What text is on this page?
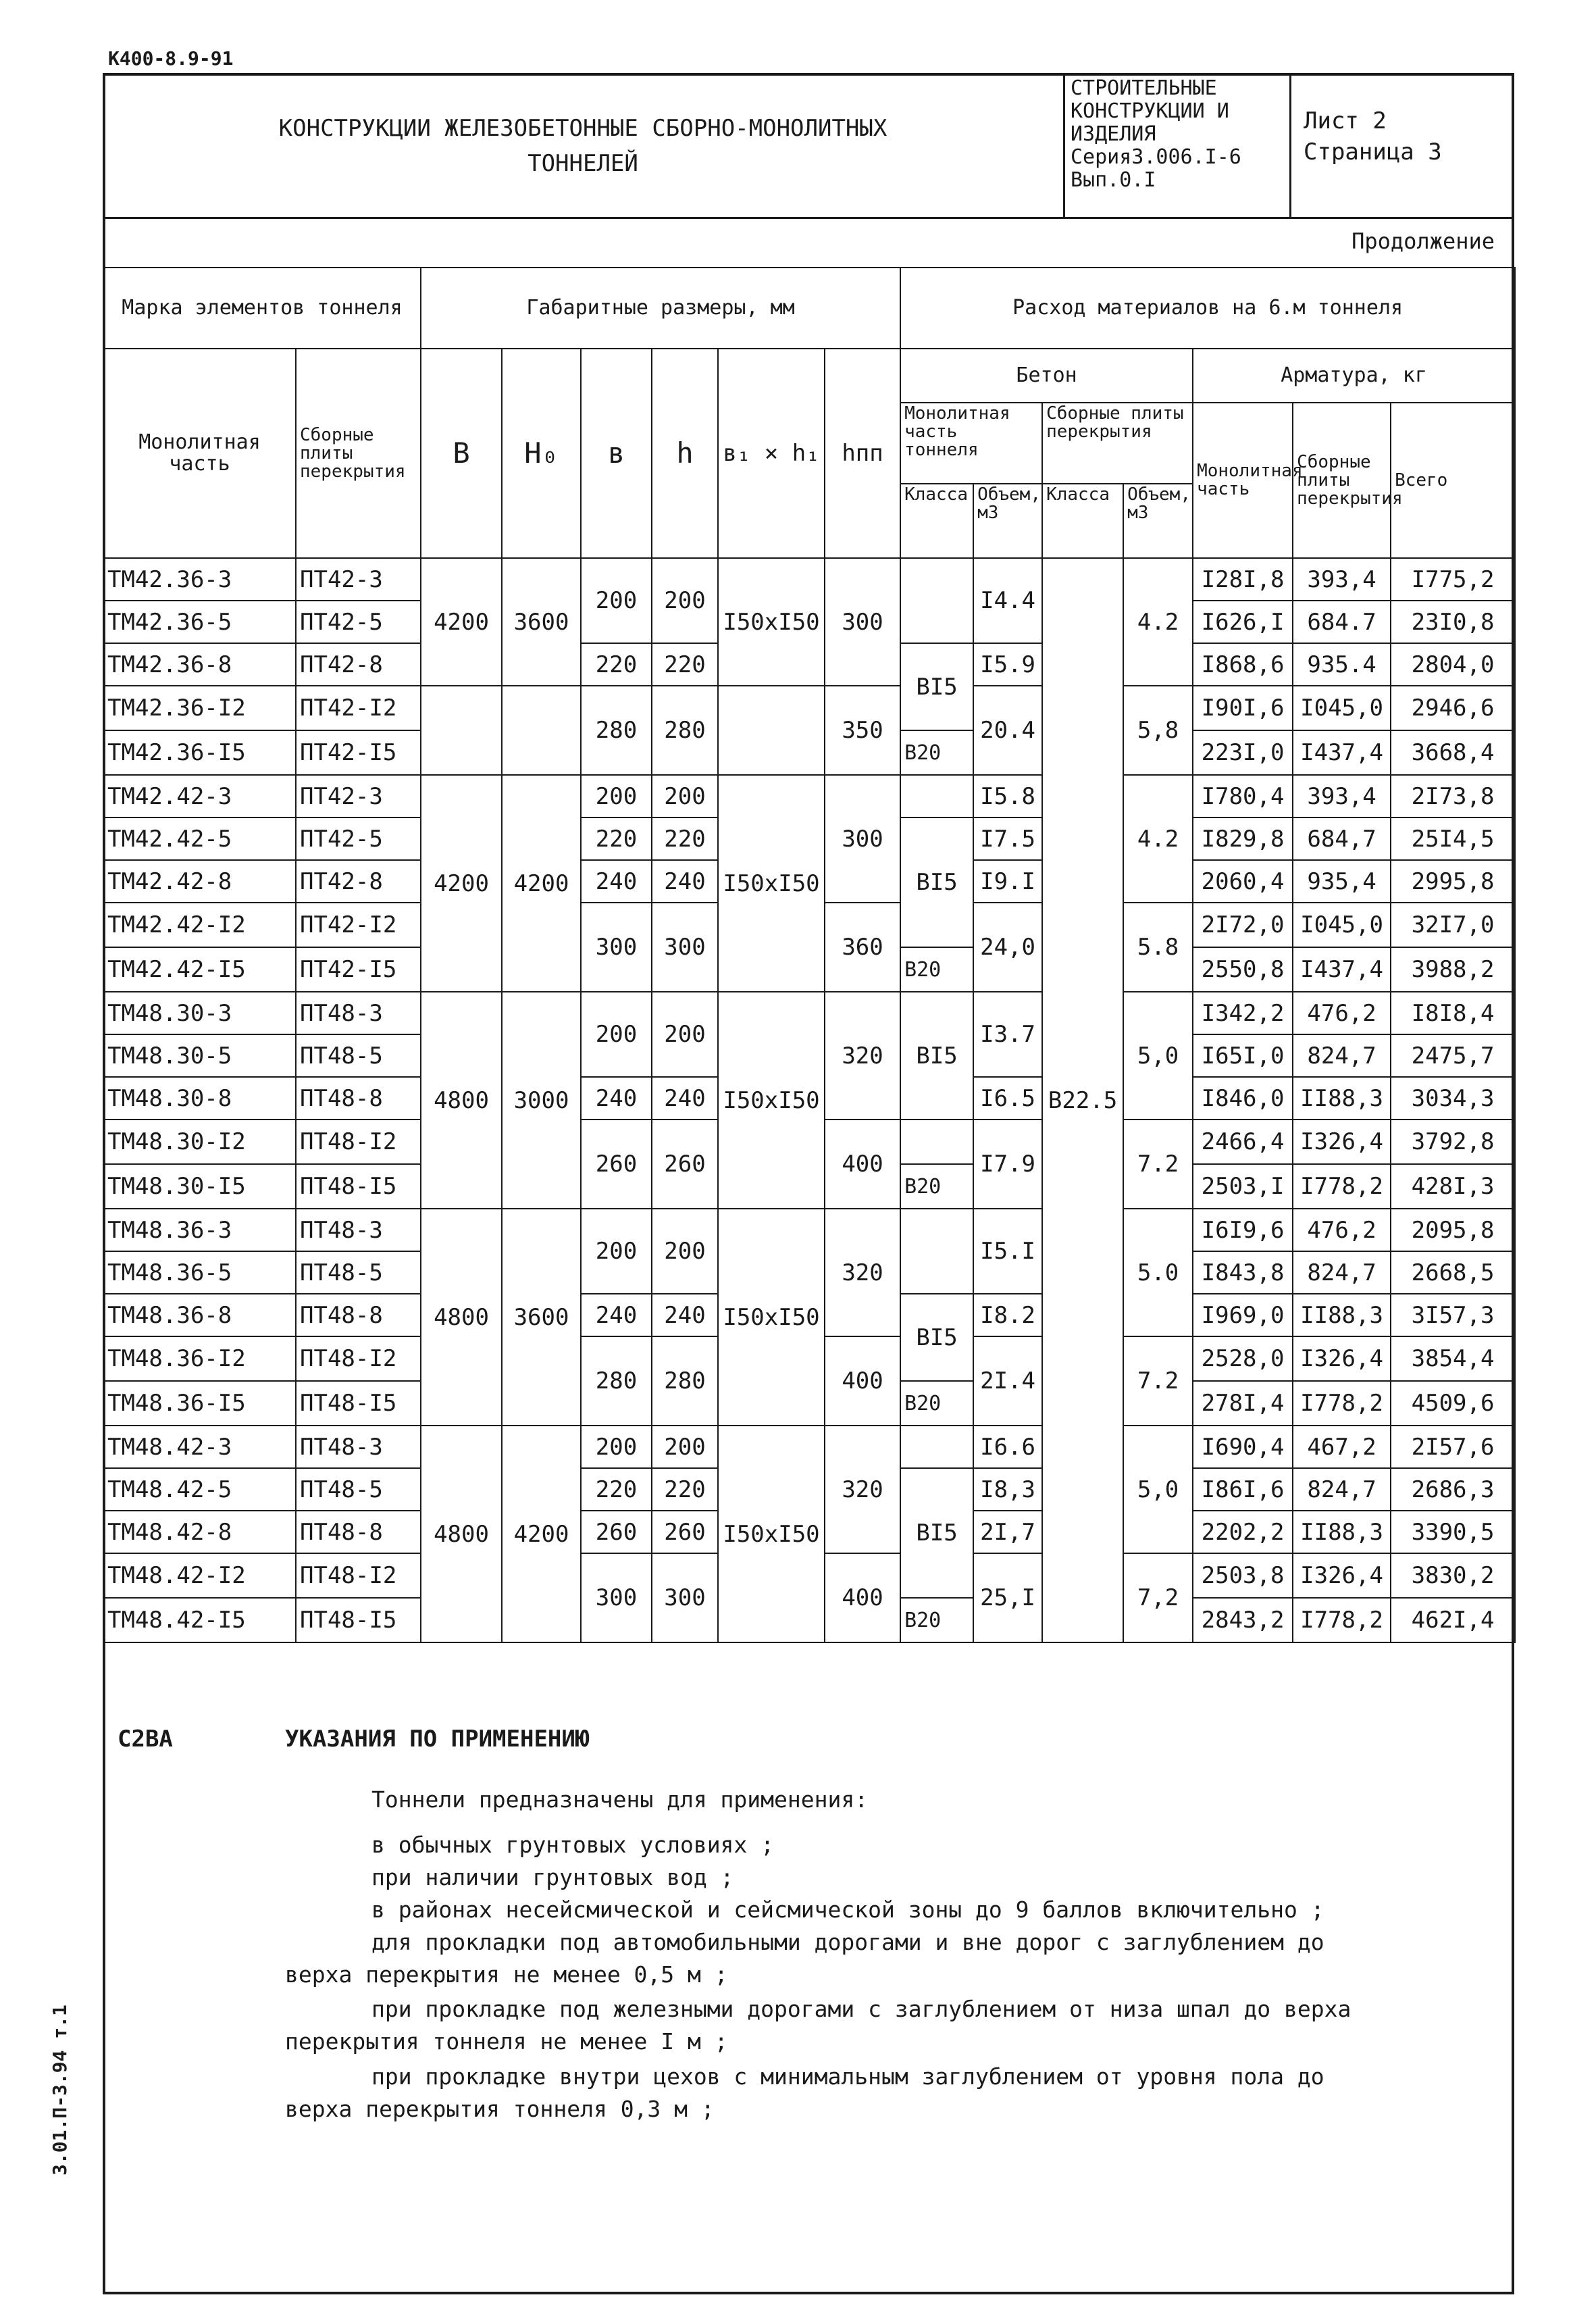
К400-8.9-91
КОНСТРУКЦИИ ЖЕЛЕЗОБЕТОННЫЕ СБОРНО-МОНОЛИТНЫХ
ТОННЕЛЕЙ
СТРОИТЕЛЬНЫЕ
КОНСТРУКЦИИ И
ИЗДЕЛИЯ
Серия3.006.I-6
Вып.0.I
Лист 2
Страница 3
Продолжение
Марка элементов тоннеля		Габаритные размеры, мм						Расход материалов на 6.м тоннеля						
Монолитная часть	Сборные плиты перекрытия	B	H₀	в	h	в₁ × h₁	hпп	Бетон				Арматура, кг		
								Монолитная часть тоннеля		Сборные плиты перекрытия		Монолитная часть	Сборные плиты перекрытия	Всего
								Класса	Объем, м3	Класса	Объем, м3			
ТМ42.36-3	ПТ42-3	4200	3600	200	200	I50xI50	300		I4.4	B22.5	4.2	I28I,8	393,4	I775,2
ТМ42.36-5	ПТ42-5											I626,I	684.7	23I0,8
ТМ42.36-8	ПТ42-8			220	220			BI5	I5.9			I868,6	935.4	2804,0
ТМ42.36-I2	ПТ42-I2			280	280		350		20.4		5,8	I90I,6	I045,0	2946,6
ТМ42.36-I5	ПТ42-I5							B20				223I,0	I437,4	3668,4
ТМ42.42-3	ПТ42-3	4200	4200	200	200	I50xI50	300		I5.8		4.2	I780,4	393,4	2I73,8
ТМ42.42-5	ПТ42-5			220	220			BI5	I7.5			I829,8	684,7	25I4,5
ТМ42.42-8	ПТ42-8			240	240				I9.I			2060,4	935,4	2995,8
ТМ42.42-I2	ПТ42-I2			300	300		360		24,0		5.8	2I72,0	I045,0	32I7,0
ТМ42.42-I5	ПТ42-I5							B20				2550,8	I437,4	3988,2
ТМ48.30-3	ПТ48-3	4800	3000	200	200	I50xI50	320	BI5	I3.7		5,0	I342,2	476,2	I8I8,4
ТМ48.30-5	ПТ48-5											I65I,0	824,7	2475,7
ТМ48.30-8	ПТ48-8			240	240				I6.5			I846,0	II88,3	3034,3
ТМ48.30-I2	ПТ48-I2			260	260		400		I7.9		7.2	2466,4	I326,4	3792,8
ТМ48.30-I5	ПТ48-I5							B20				2503,I	I778,2	428I,3
ТМ48.36-3	ПТ48-3	4800	3600	200	200	I50xI50	320		I5.I		5.0	I6I9,6	476,2	2095,8
ТМ48.36-5	ПТ48-5											I843,8	824,7	2668,5
ТМ48.36-8	ПТ48-8			240	240			BI5	I8.2			I969,0	II88,3	3I57,3
ТМ48.36-I2	ПТ48-I2			280	280		400		2I.4		7.2	2528,0	I326,4	3854,4
ТМ48.36-I5	ПТ48-I5							B20				278I,4	I778,2	4509,6
ТМ48.42-3	ПТ48-3	4800	4200	200	200	I50xI50	320		I6.6		5,0	I690,4	467,2	2I57,6
ТМ48.42-5	ПТ48-5			220	220			BI5	I8,3			I86I,6	824,7	2686,3
ТМ48.42-8	ПТ48-8			260	260				2I,7			2202,2	II88,3	3390,5
ТМ48.42-I2	ПТ48-I2			300	300		400		25,I		7,2	2503,8	I326,4	3830,2
ТМ48.42-I5	ПТ48-I5							B20				2843,2	I778,2	462I,4
С2ВА	УКАЗАНИЯ ПО ПРИМЕНЕНИЮ
Тоннели предназначены для применения:
в обычных грунтовых условиях ;
при наличии грунтовых вод ;
в районах несейсмической и сейсмической зоны до 9 баллов включительно ;
для прокладки под автомобильными дорогами и вне дорог с заглублением до
верха перекрытия не менее 0,5 м ;
при прокладке под железными дорогами с заглублением от низа шпал до верха
перекрытия тоннеля не менее I м ;
при прокладке внутри цехов с минимальным заглублением от уровня пола до
верха перекрытия тоннеля 0,3 м ;
3.01.П-3.94 т.1
